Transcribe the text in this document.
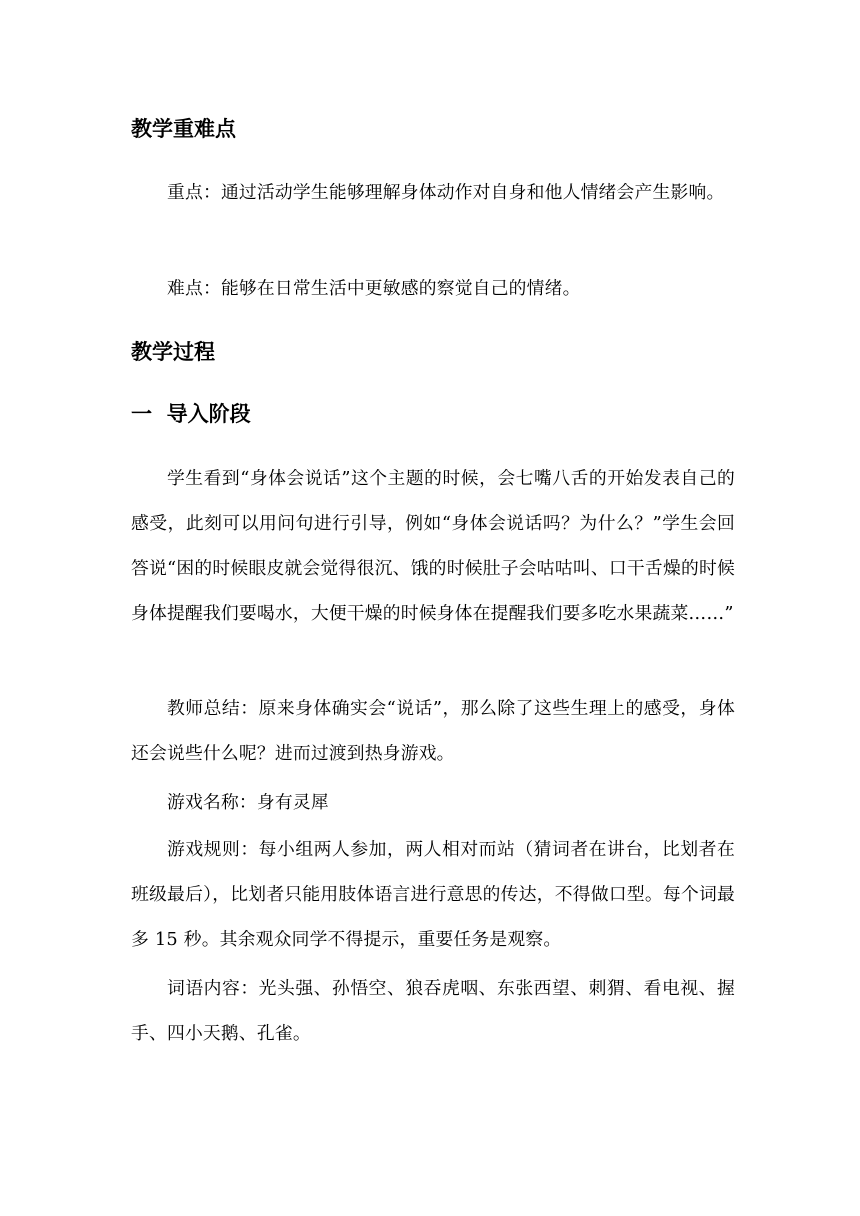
教学重难点
重点：通过活动学生能够理解身体动作对自身和他人情绪会产生影响。
难点：能够在日常生活中更敏感的察觉自己的情绪。
教学过程
一  导入阶段
学生看到“身体会说话”这个主题的时候，会七嘴八舌的开始发表自己的感受，此刻可以用问句进行引导，例如“身体会说话吗？为什么？”学生会回答说“困的时候眼皮就会觉得很沉、饿的时候肚子会咕咕叫、口干舌燥的时候身体提醒我们要喝水，大便干燥的时候身体在提醒我们要多吃水果蔬菜……”
教师总结：原来身体确实会“说话”，那么除了这些生理上的感受，身体还会说些什么呢？进而过渡到热身游戏。
游戏名称：身有灵犀
游戏规则：每小组两人参加，两人相对而站（猜词者在讲台，比划者在班级最后），比划者只能用肢体语言进行意思的传达，不得做口型。每个词最多 15 秒。其余观众同学不得提示，重要任务是观察。
词语内容：光头强、孙悟空、狼吞虎咽、东张西望、刺猬、看电视、握手、四小天鹅、孔雀。
